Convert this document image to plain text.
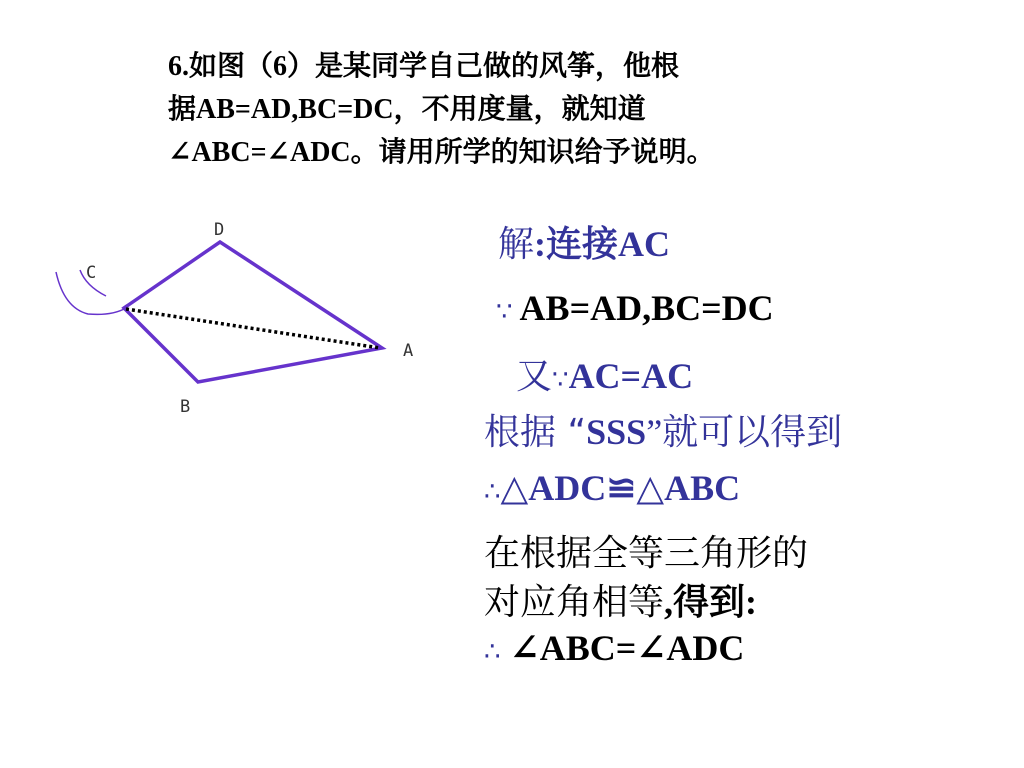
6.如图（6）是某同学自己做的风筝，他根
据AB=AD,BC=DC，不用度量，就知道
∠ABC=∠ADC。请用所学的知识给予说明。
D
C
A
B
解:连接AC
∵ AB=AD,BC=DC
又∵AC=AC
根据 “SSS”就可以得到
∴△ADC≌△ABC
在根据全等三角形的
对应角相等,得到:
∴ ∠ABC=∠ADC
